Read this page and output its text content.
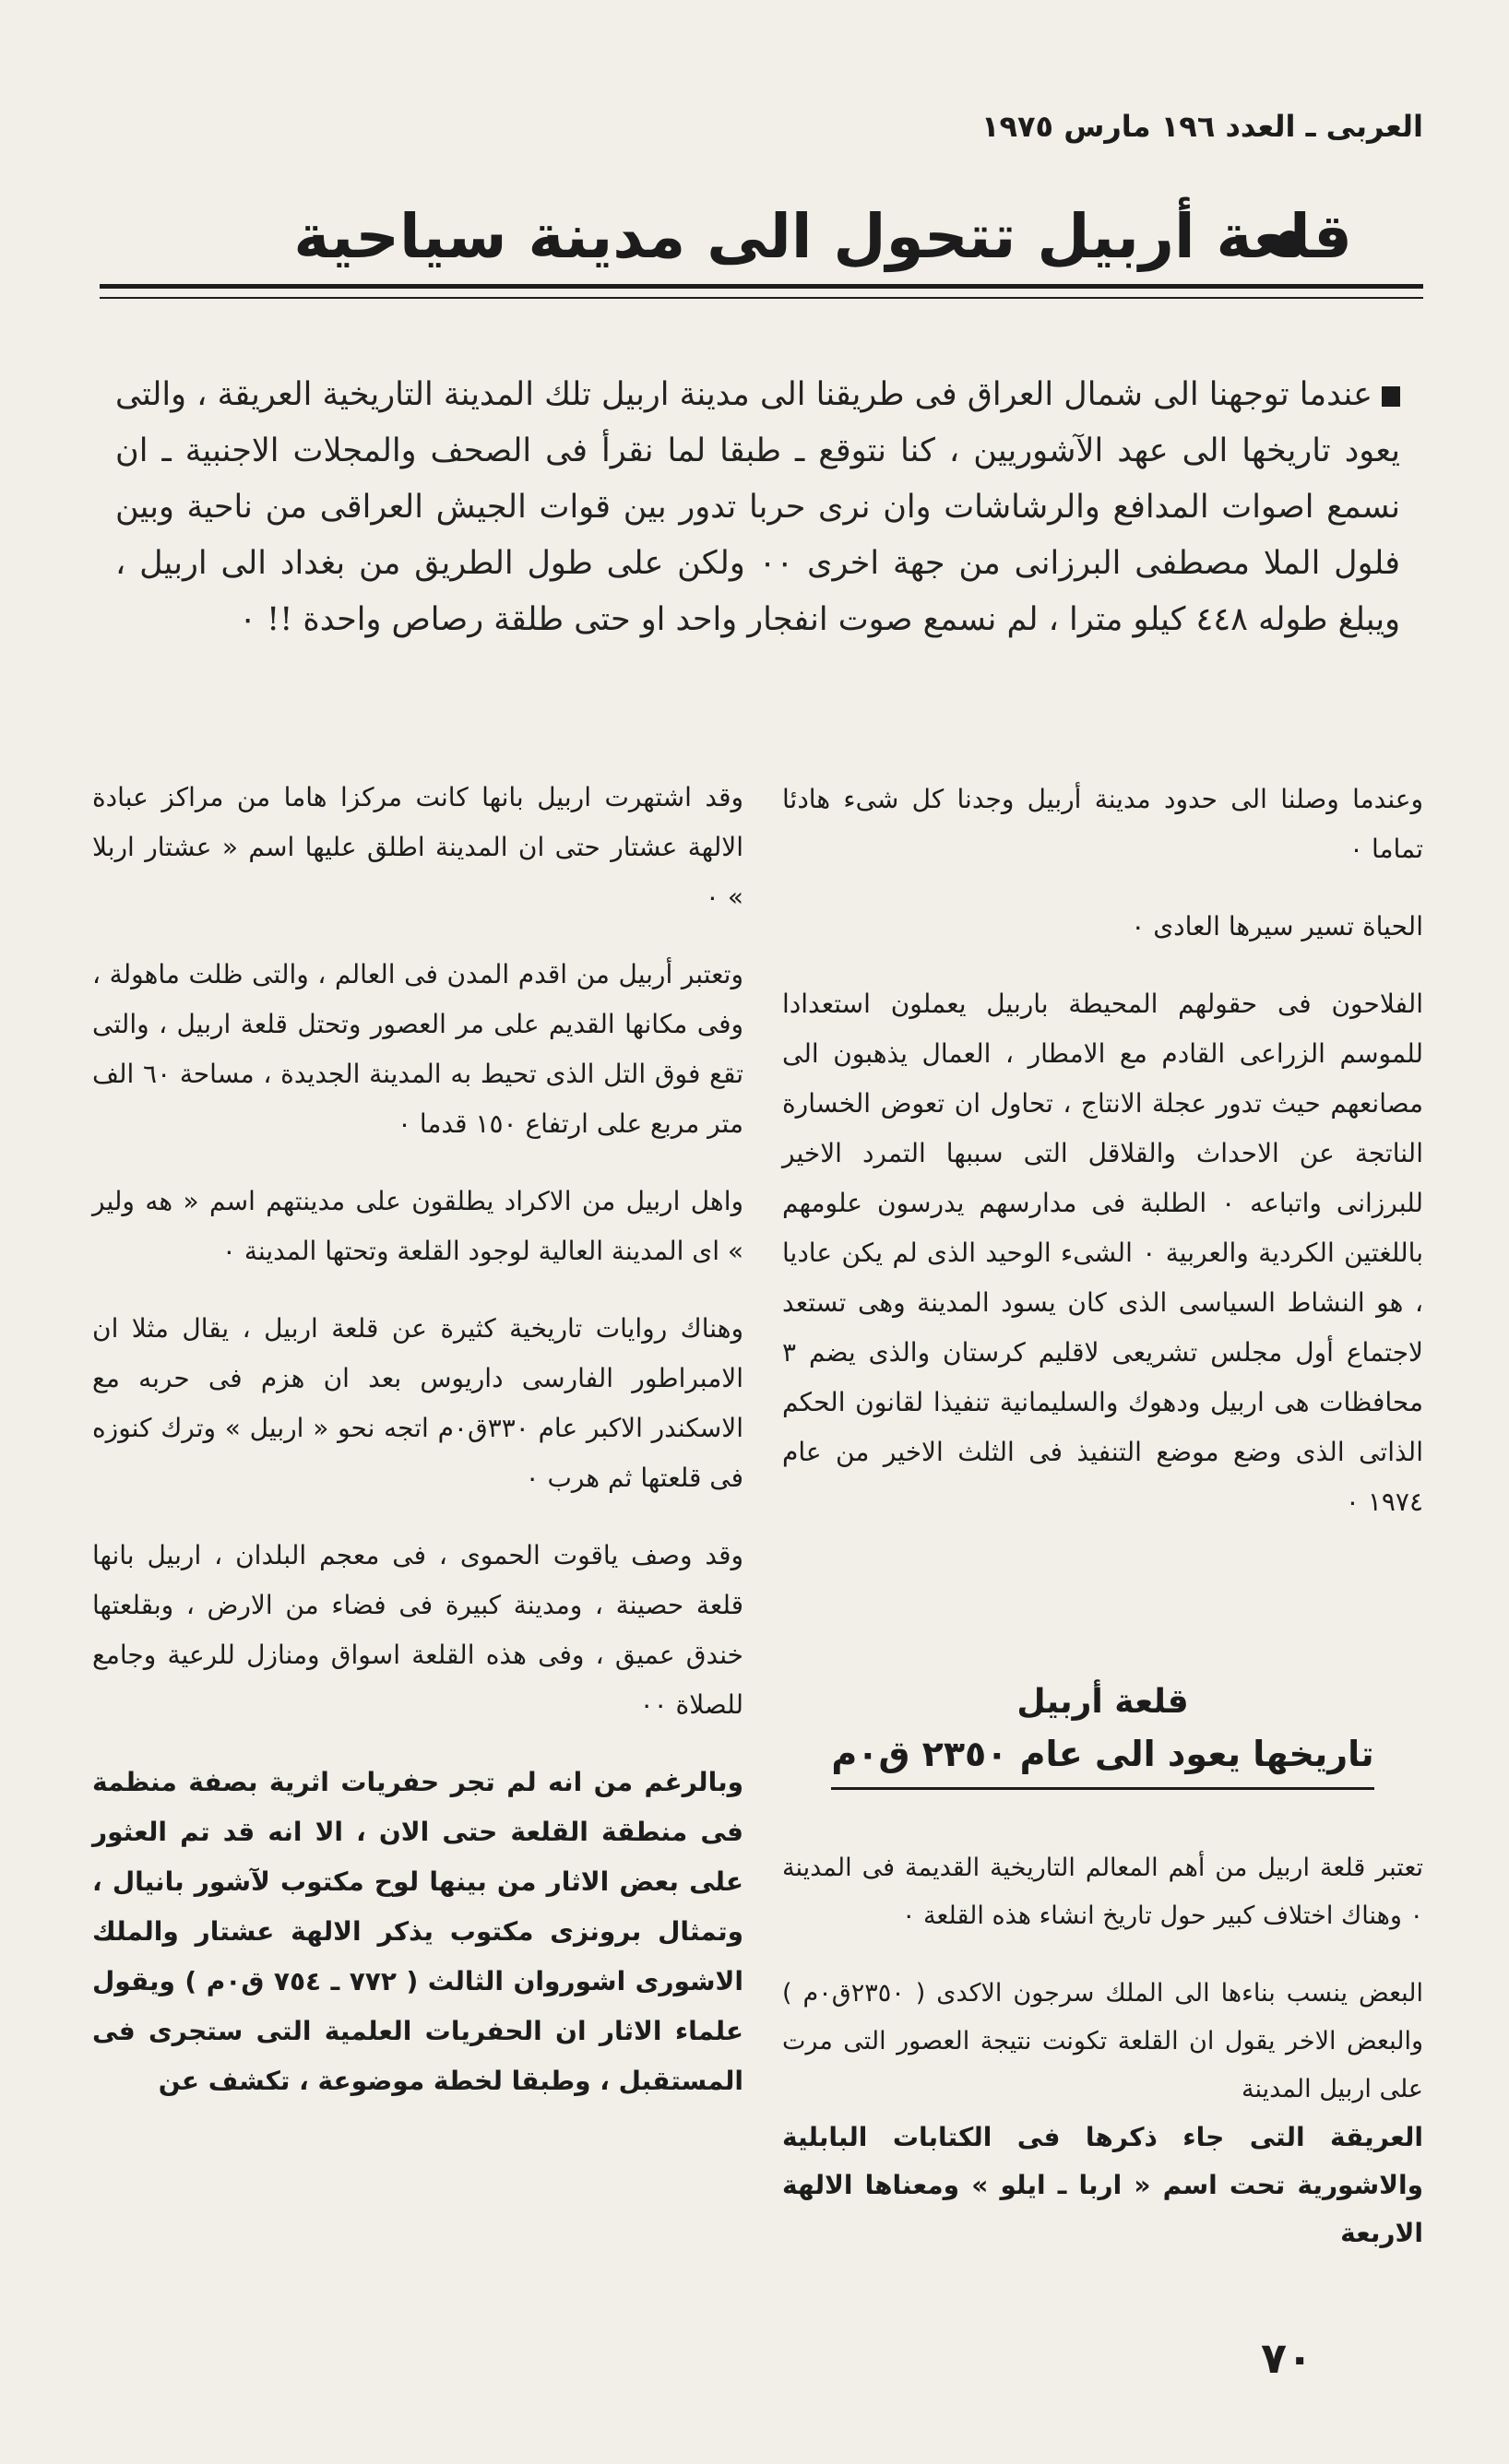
العربى ـ العدد ١٩٦ مارس ١٩٧٥
قلعة أربيل تتحول الى مدينة سياحية
عندما توجهنا الى شمال العراق فى طريقنا الى مدينة اربيل تلك المدينة التاريخية العريقة ، والتى يعود تاريخها الى عهد الآشوريين ، كنا نتوقع ـ طبقا لما نقرأ فى الصحف والمجلات الاجنبية ـ ان نسمع اصوات المدافع والرشاشات وان نرى حربا تدور بين قوات الجيش العراقى من ناحية وبين فلول الملا مصطفى البرزانى من جهة اخرى ٠٠ ولكن على طول الطريق من بغداد الى اربيل ، ويبلغ طوله ٤٤٨ كيلو مترا ، لم نسمع صوت انفجار واحد او حتى طلقة رصاص واحدة !! ٠

وعندما وصلنا الى حدود مدينة أربيل وجدنا كل شىء هادئا تماما ٠

الحياة تسير سيرها العادى ٠

الفلاحون فى حقولهم المحيطة باربيل يعملون استعدادا للموسم الزراعى القادم مع الامطار ، العمال يذهبون الى مصانعهم حيث تدور عجلة الانتاج ، تحاول ان تعوض الخسارة الناتجة عن الاحداث والقلاقل التى سببها التمرد الاخير للبرزانى واتباعه ٠ الطلبة فى مدارسهم يدرسون علومهم باللغتين الكردية والعربية ٠ الشىء الوحيد الذى لم يكن عاديا ، هو النشاط السياسى الذى كان يسود المدينة وهى تستعد لاجتماع أول مجلس تشريعى لاقليم كرستان والذى يضم ٣ محافظات هى اربيل ودهوك والسليمانية تنفيذا لقانون الحكم الذاتى الذى وضع موضع التنفيذ فى الثلث الاخير من عام ١٩٧٤ ٠

قلعة أربيل
تاريخها يعود الى عام ٢٣٥٠ ق٠م

تعتبر قلعة اربيل من أهم المعالم التاريخية القديمة فى المدينة ٠ وهناك اختلاف كبير حول تاريخ انشاء هذه القلعة ٠

البعض ينسب بناءها الى الملك سرجون الاكدى ( ٢٣٥٠ق٠م ) والبعض الاخر يقول ان القلعة تكونت نتيجة العصور التى مرت على اربيل المدينة

العريقة التى جاء ذكرها فى الكتابات البابلية والاشورية تحت اسم « اربا ـ ايلو » ومعناها الالهة الاربعة

وقد اشتهرت اربيل بانها كانت مركزا هاما من مراكز عبادة الالهة عشتار حتى ان المدينة اطلق عليها اسم « عشتار اربلا » ٠

وتعتبر أربيل من اقدم المدن فى العالم ، والتى ظلت ماهولة ، وفى مكانها القديم على مر العصور وتحتل قلعة اربيل ، والتى تقع فوق التل الذى تحيط به المدينة الجديدة ، مساحة ٦٠ الف متر مربع على ارتفاع ١٥٠ قدما ٠

واهل اربيل من الاكراد يطلقون على مدينتهم اسم « هه ولير » اى المدينة العالية لوجود القلعة وتحتها المدينة ٠

وهناك روايات تاريخية كثيرة عن قلعة اربيل ، يقال مثلا ان الامبراطور الفارسى داريوس بعد ان هزم فى حربه مع الاسكندر الاكبر عام ٣٣٠ق٠م اتجه نحو « اربيل » وترك كنوزه فى قلعتها ثم هرب ٠

وقد وصف ياقوت الحموى ، فى معجم البلدان ، اربيل بانها قلعة حصينة ، ومدينة كبيرة فى فضاء من الارض ، وبقلعتها خندق عميق ، وفى هذه القلعة اسواق ومنازل للرعية وجامع للصلاة ٠٠

وبالرغم من انه لم تجر حفريات اثرية بصفة منظمة فى منطقة القلعة حتى الان ، الا انه قد تم العثور على بعض الاثار من بينها لوح مكتوب لآشور بانيال ، وتمثال برونزى مكتوب يذكر الالهة عشتار والملك الاشورى اشوروان الثالث ( ٧٧٢ ـ ٧٥٤ ق٠م ) ويقول علماء الاثار ان الحفريات العلمية التى ستجرى فى المستقبل ، وطبقا لخطة موضوعة ، تكشف عن

٧٠
